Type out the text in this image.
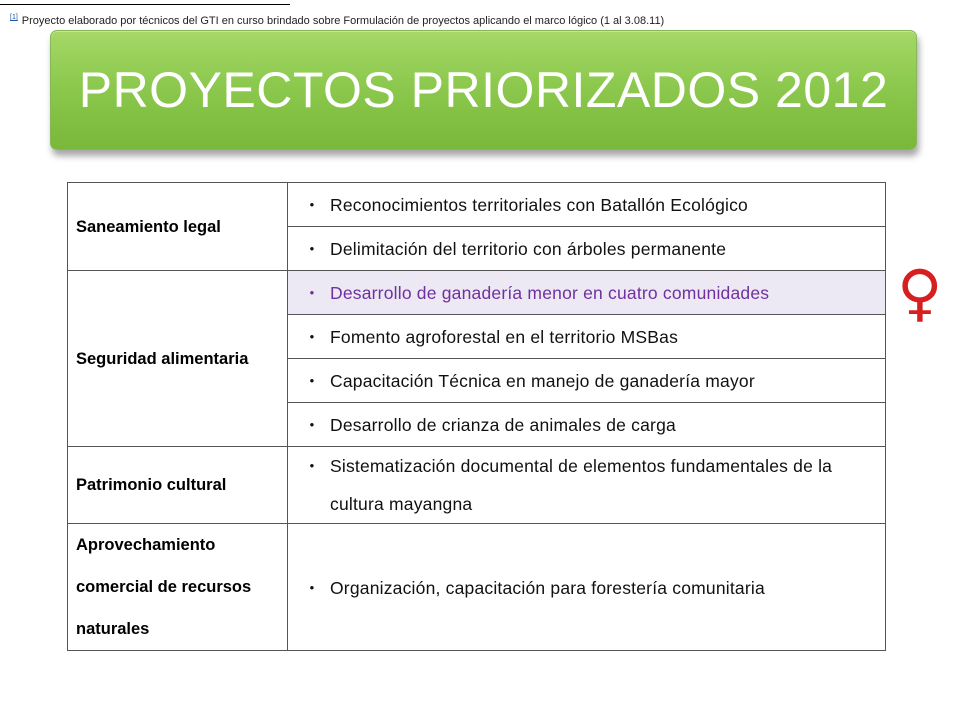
[1] Proyecto elaborado por técnicos del GTI en curso brindado sobre Formulación de proyectos aplicando el marco lógico (1 al 3.08.11)
PROYECTOS PRIORIZADOS 2012
Saneamiento legal	• Reconocimientos territoriales con Batallón Ecológico

	• Delimitación del territorio con árboles permanente

Seguridad alimentaria	• Desarrollo de ganadería menor en cuatro comunidades

	• Fomento agroforestal en el territorio MSBas

	• Capacitación Técnica en manejo de ganadería mayor

	• Desarrollo de crianza de animales de carga

Patrimonio cultural	• Sistematización documental de elementos fundamentales de la cultura mayangna

Aprovechamiento comercial de recursos naturales	• Organización, capacitación para forestería comunitaria
♀
